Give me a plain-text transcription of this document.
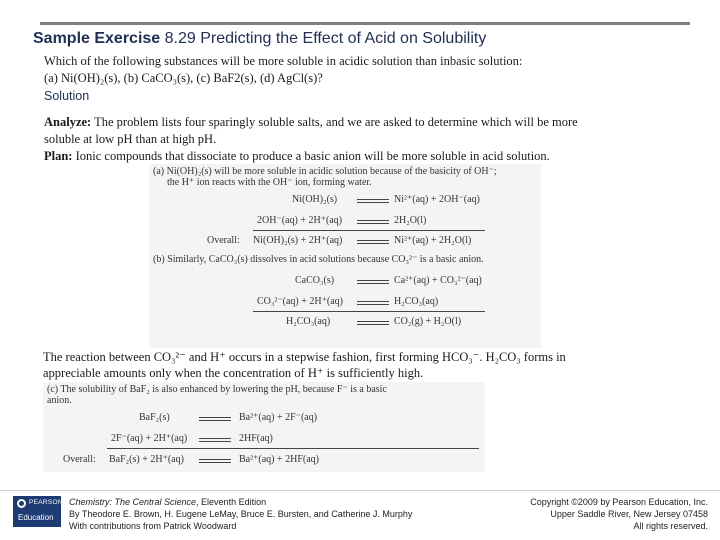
Sample Exercise 8.29 Predicting the Effect of Acid on Solubility
Which of the following substances will be more soluble in acidic solution than inbasic solution:
(a) Ni(OH)₂(s), (b) CaCO₃(s), (c) BaF2(s), (d) AgCl(s)?
Solution
Analyze: The problem lists four sparingly soluble salts, and we are asked to determine which will be more
soluble at low pH than at high pH.
Plan: Ionic compounds that dissociate to produce a basic anion will be more soluble in acid solution.
(a) Ni(OH)₂(s) will be more soluble in acidic solution because of the basicity of OH⁻;
the H⁺ ion reacts with the OH⁻ ion, forming water.
Ni(OH)₂(s)	Ni²⁺(aq) + 2OH⁻(aq)
2OH⁻(aq) + 2H⁺(aq)	2H₂O(l)
Overall: Ni(OH)₂(s) + 2H⁺(aq)	Ni²⁺(aq) + 2H₂O(l)
(b) Similarly, CaCO₃(s) dissolves in acid solutions because CO₃²⁻ is a basic anion.
CaCO₃(s)	Ca²⁺(aq) + CO₃²⁻(aq)
CO₃²⁻(aq) + 2H⁺(aq)	H₂CO₃(aq)
H₂CO₃(aq)	CO₂(g) + H₂O(l)
The reaction between CO₃²⁻ and H⁺ occurs in a stepwise fashion, first forming HCO₃⁻. H₂CO₃ forms in
appreciable amounts only when the concentration of H⁺ is sufficiently high.
(c) The solubility of BaF₂ is also enhanced by lowering the pH, because F⁻ is a basic
anion.
BaF₂(s)	Ba²⁺(aq) + 2F⁻(aq)
2F⁻(aq) + 2H⁺(aq)	2HF(aq)
Overall: BaF₂(s) + 2H⁺(aq)	Ba²⁺(aq) + 2HF(aq)
PEARSON
Education
Chemistry: The Central Science, Eleventh Edition
By Theodore E. Brown, H. Eugene LeMay, Bruce E. Bursten, and Catherine J. Murphy
With contributions from Patrick Woodward
Copyright ©2009 by Pearson Education, Inc.
Upper Saddle River, New Jersey 07458
All rights reserved.
